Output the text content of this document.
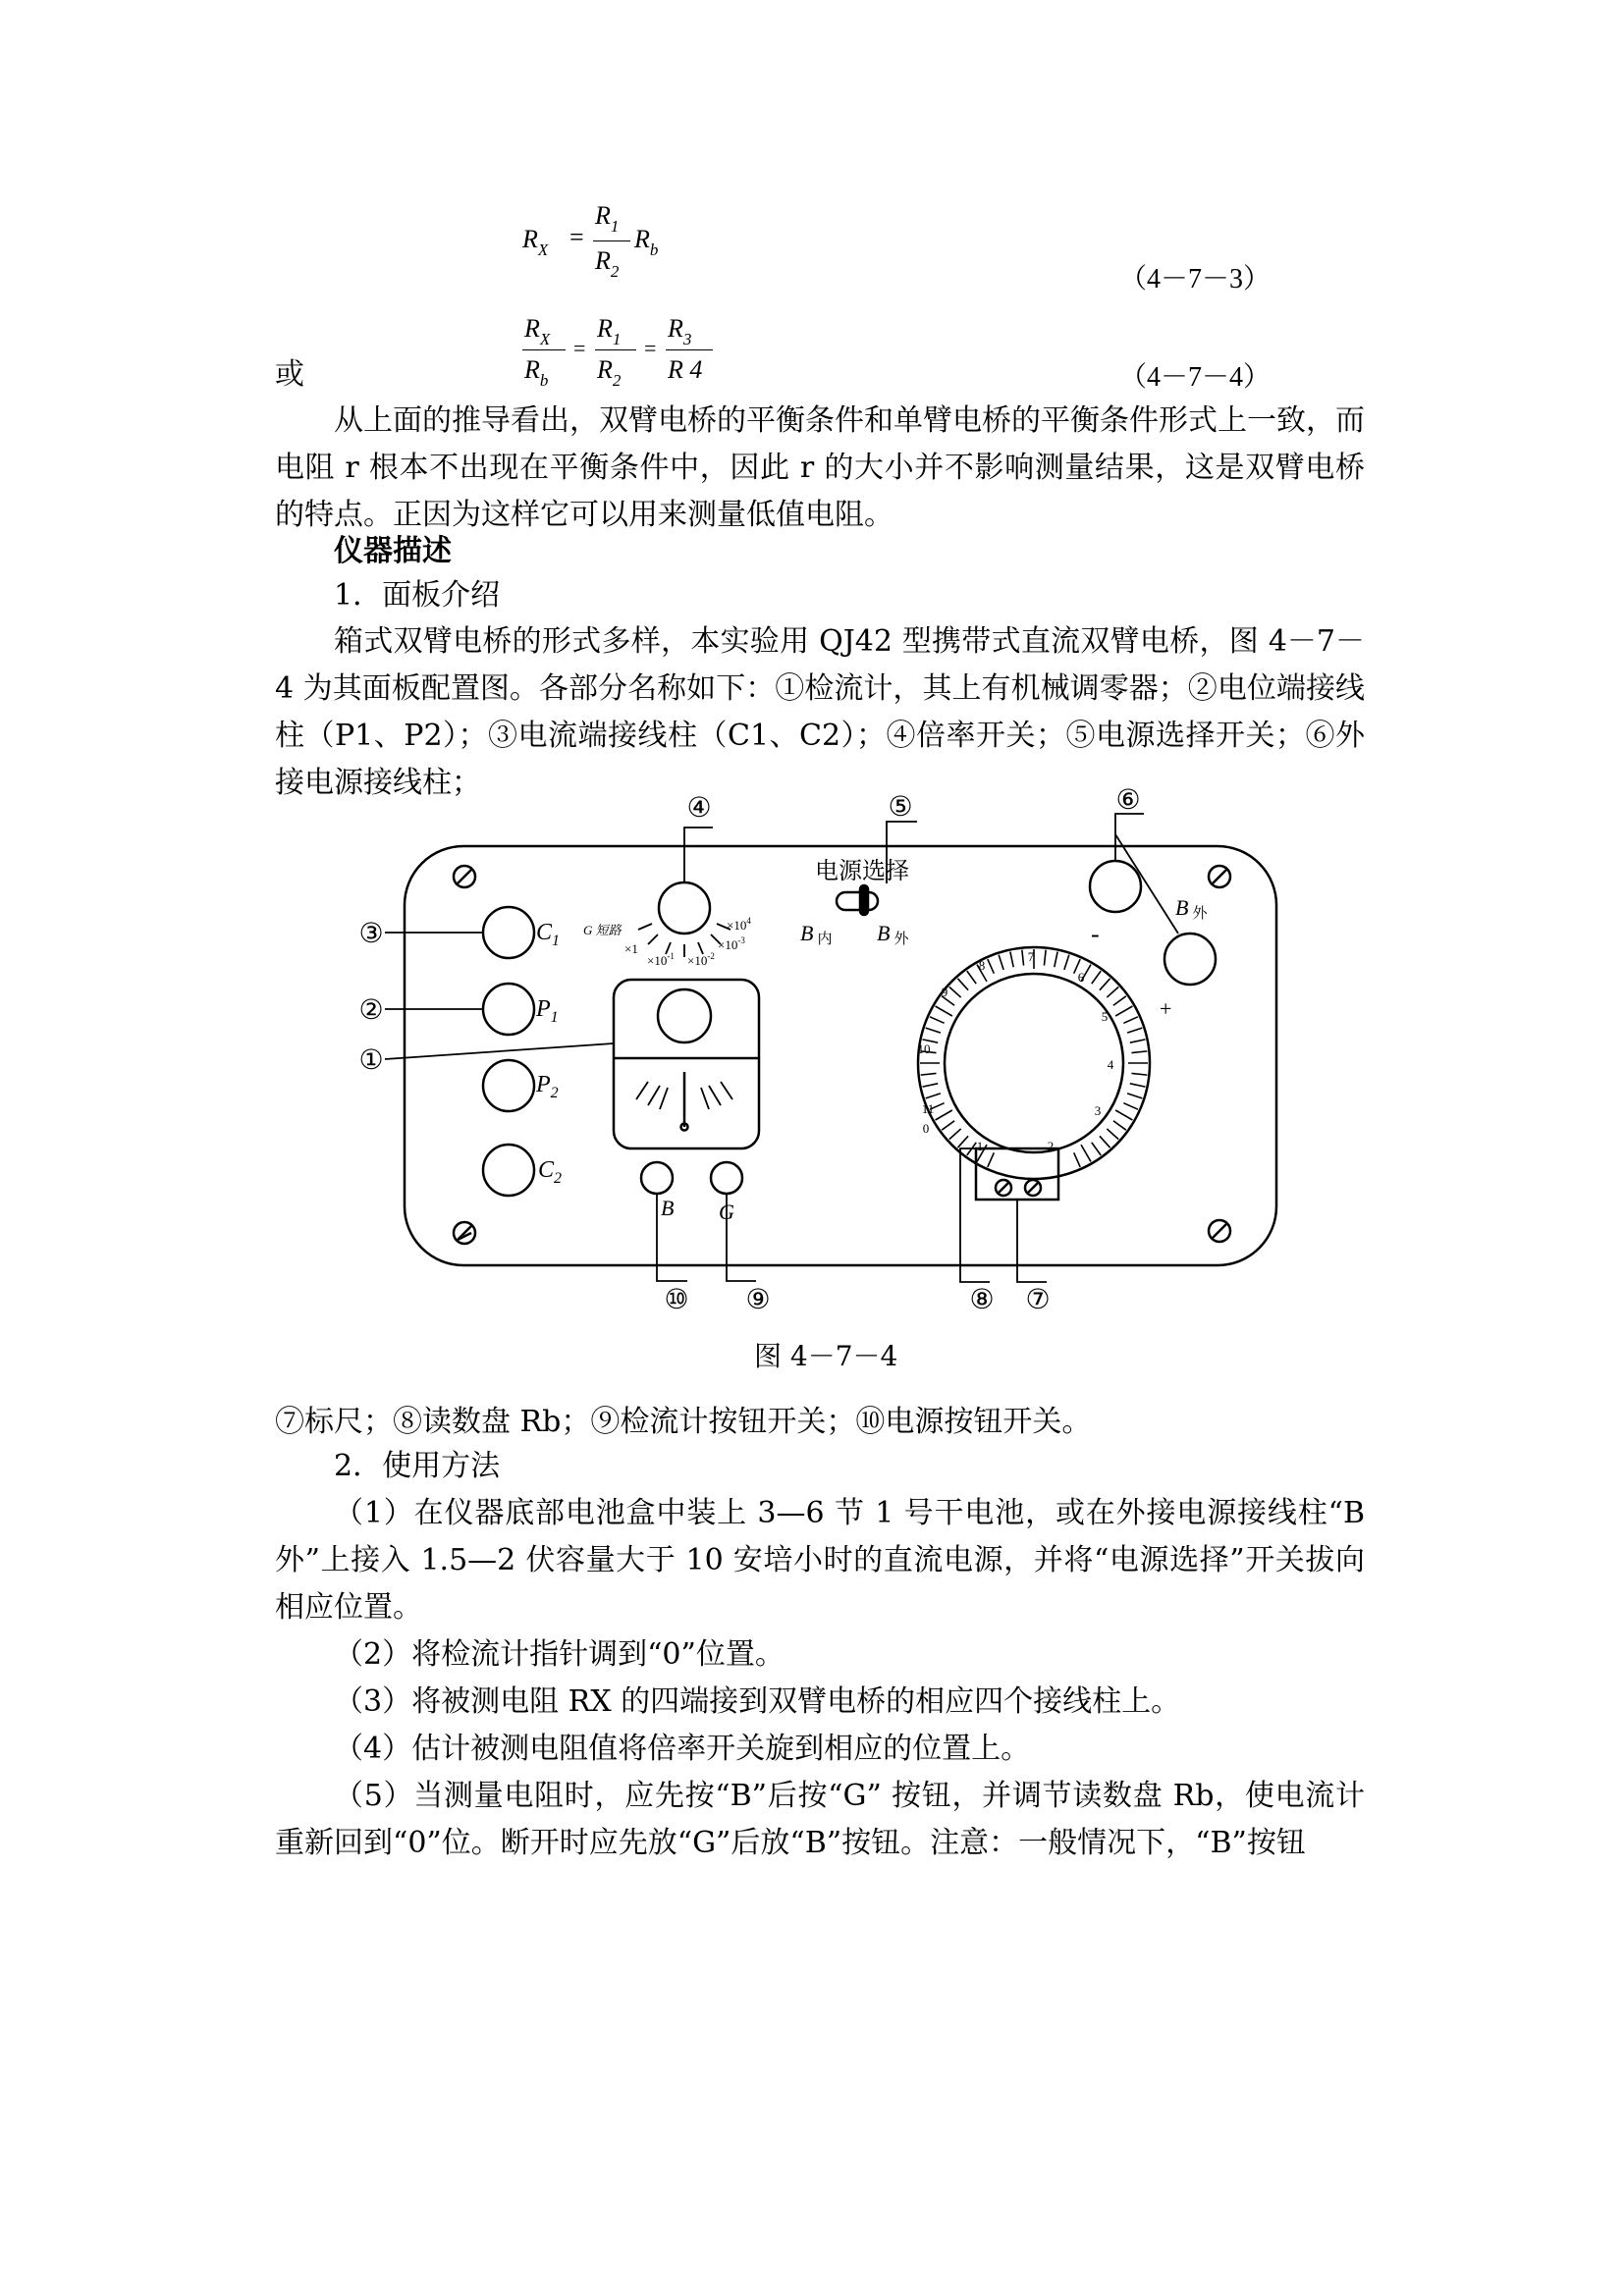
$R_X$ =
$R_1$
$R_2$
$R_b$
（4－7－3）
或
$R_X$
$R_b$
=
$R_1$
$R_2$
=
$R_3$
R 4	（4－7－4）
从上面的推导看出，双臂电桥的平衡条件和单臂电桥的平衡条件形式上一致，而电阻 r 根本不出现在平衡条件中，因此 r 的大小并不影响测量结果，这是双臂电桥的特点。正因为这样它可以用来测量低值电阻。
仪器描述
1．面板介绍
箱式双臂电桥的形式多样，本实验用 QJ42 型携带式直流双臂电桥，图 4－7－4 为其面板配置图。各部分名称如下：①检流计，其上有机械调零器；②电位端接线柱（P1、P2）；③电流端接线柱（C1、C2）；④倍率开关；⑤电源选择开关；⑥外接电源接线柱；
④	⑤	⑥
③
②
①
⑩ ⑨	⑧ ⑦
$C_1$
$P_1$
$P_2$
$C_2$
电源选择
B 内 B 外
B 外
-
+
B G
G 短路
×1
$\times 10^{-1} \times 10^{-2}$
$\times 10^{-3}$
$\times 10^4$
0
1	2
3
4
5
6
7
8
9
10
11
图 4－7－4
⑦标尺；⑧读数盘 Rb；⑨检流计按钮开关；⑩电源按钮开关。
2．使用方法
（1）在仪器底部电池盒中装上 3—6 节 1 号干电池，或在外接电源接线柱“B 外”上接入 1.5—2 伏容量大于 10 安培小时的直流电源，并将“电源选择”开关拔向相应位置。
（2）将检流计指针调到“0”位置。
（3）将被测电阻 RX 的四端接到双臂电桥的相应四个接线柱上。
（4）估计被测电阻值将倍率开关旋到相应的位置上。
（5）当测量电阻时，应先按“B”后按“G” 按钮，并调节读数盘 Rb，使电流计重新回到“0”位。断开时应先放“G”后放“B”按钮。注意：一般情况下，“B”按钮
